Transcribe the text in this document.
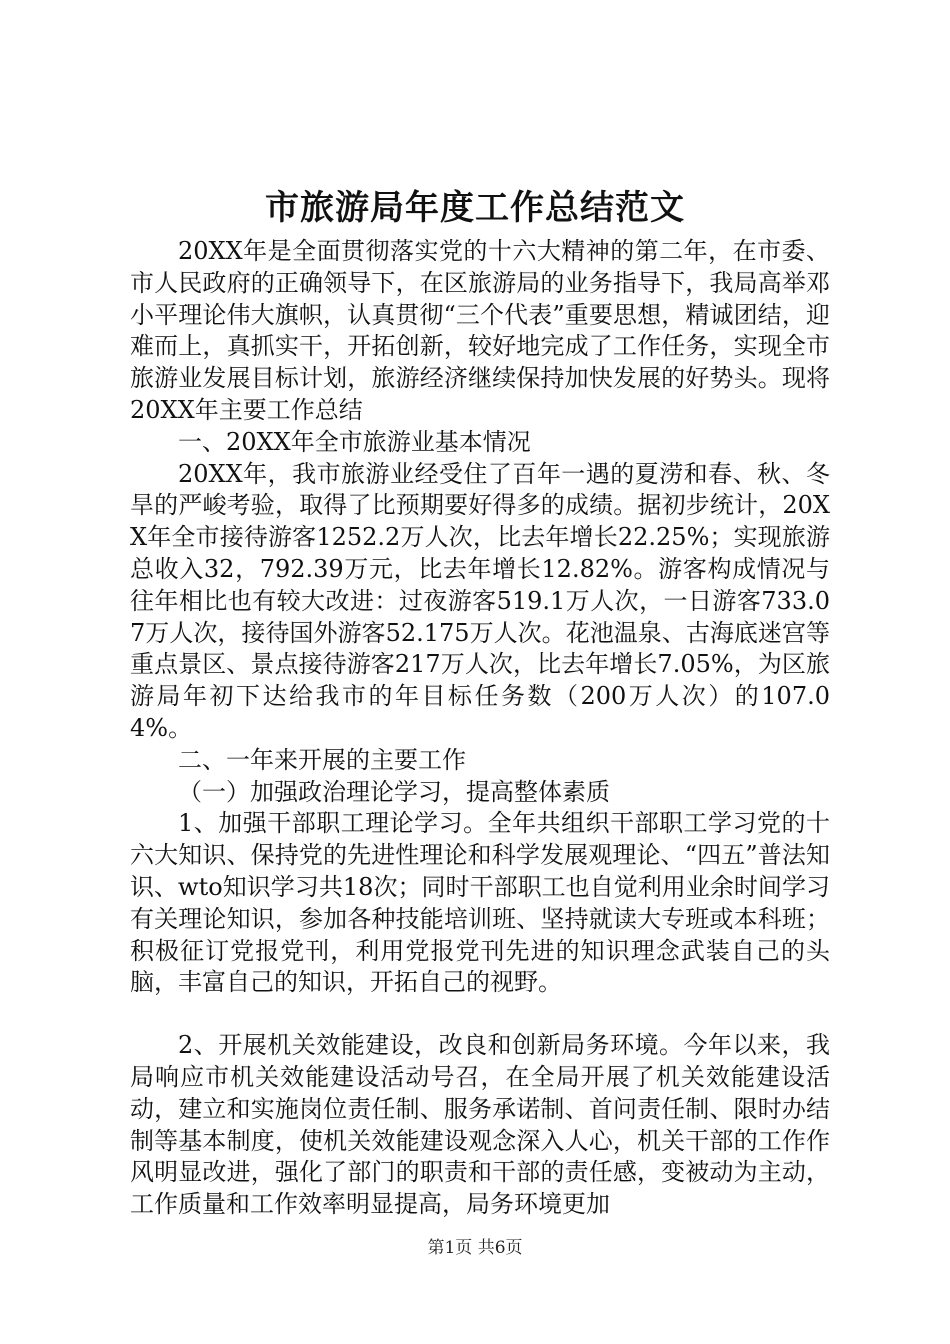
市旅游局年度工作总结范文

20XX年是全面贯彻落实党的十六大精神的第二年，在市委、市人民政府的正确领导下，在区旅游局的业务指导下，我局高举邓小平理论伟大旗帜，认真贯彻“三个代表”重要思想，精诚团结，迎难而上，真抓实干，开拓创新，较好地完成了工作任务，实现全市旅游业发展目标计划，旅游经济继续保持加快发展的好势头。现将20XX年主要工作总结

一、20XX年全市旅游业基本情况

20XX年，我市旅游业经受住了百年一遇的夏涝和春、秋、冬旱的严峻考验，取得了比预期要好得多的成绩。据初步统计，20XX年全市接待游客1252.2万人次，比去年增长22.25%；实现旅游总收入32，792.39万元，比去年增长12.82%。游客构成情况与往年相比也有较大改进：过夜游客519.1万人次，一日游客733.07万人次，接待国外游客52.175万人次。花池温泉、古海底迷宫等重点景区、景点接待游客217万人次，比去年增长7.05%，为区旅游局年初下达给我市的年目标任务数（200万人次）的107.04%。

二、一年来开展的主要工作

（一）加强政治理论学习，提高整体素质

1、加强干部职工理论学习。全年共组织干部职工学习党的十六大知识、保持党的先进性理论和科学发展观理论、“四五”普法知识、wto知识学习共18次；同时干部职工也自觉利用业余时间学习有关理论知识，参加各种技能培训班、坚持就读大专班或本科班；积极征订党报党刊，利用党报党刊先进的知识理念武装自己的头脑，丰富自己的知识，开拓自己的视野。

2、开展机关效能建设，改良和创新局务环境。今年以来，我局响应市机关效能建设活动号召，在全局开展了机关效能建设活动，建立和实施岗位责任制、服务承诺制、首问责任制、限时办结制等基本制度，使机关效能建设观念深入人心，机关干部的工作作风明显改进，强化了部门的职责和干部的责任感，变被动为主动，工作质量和工作效率明显提高，局务环境更加

第1页 共6页
